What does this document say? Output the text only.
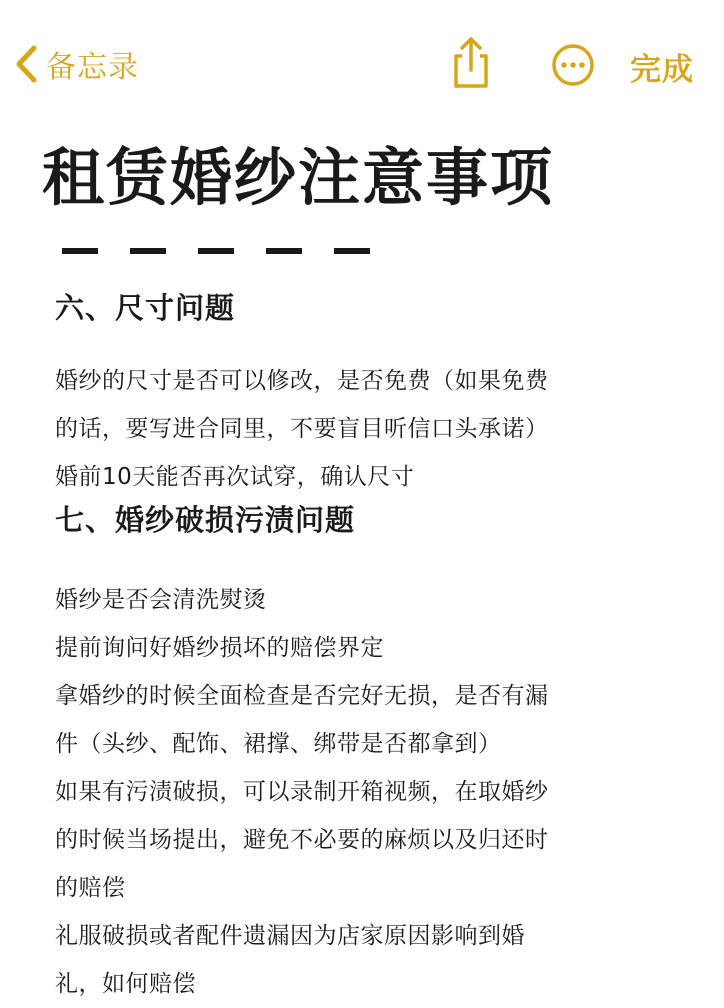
备忘录	完成
租赁婚纱注意事项
六、尺寸问题
婚纱的尺寸是否可以修改，是否免费（如果免费
的话，要写进合同里，不要盲目听信口头承诺）
婚前10天能否再次试穿，确认尺寸
七、婚纱破损污渍问题
婚纱是否会清洗熨烫
提前询问好婚纱损坏的赔偿界定
拿婚纱的时候全面检查是否完好无损，是否有漏
件（头纱、配饰、裙撑、绑带是否都拿到）
如果有污渍破损，可以录制开箱视频，在取婚纱
的时候当场提出，避免不必要的麻烦以及归还时
的赔偿
礼服破损或者配件遗漏因为店家原因影响到婚
礼，如何赔偿
